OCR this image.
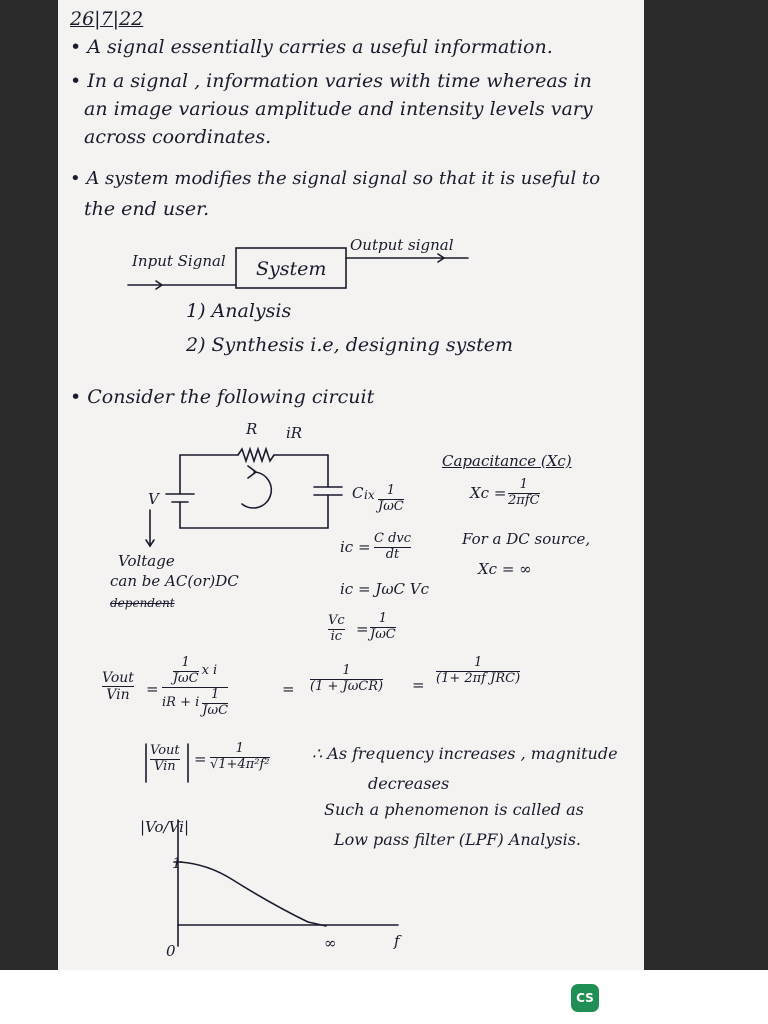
26|7|22
• A signal essentially carries a useful information.
• In a signal , information varies with time whereas in
an image various amplitude and intensity levels vary
across coordinates.
• A system modifies the signal signal so that it is useful to
the end user.
Input Signal System
Output signal
1) Analysis
2) Synthesis i.e, designing system
• Consider the following circuit
R iR
V	C ix 1
JωC
Voltage
can be AC(or)DC
dependent
Capacitance (Xc)
Xc = 1
2πfC
For a DC source,
Xc = ∞
ic = C dvc
dt
ic = JωC Vc
Vc
ic =
1
JωC
Vout
Vin =
1
JωC
x i
iR + i
1
JωC
=
1
(1 + JωCR) =
1
(1+ 2πf JRC)
Vout
Vin =
1
√1+4π²f²
∴ As frequency increases , magnitude
decreases
Such a phenomenon is called as
Low pass filter (LPF) Analysis.
|Vo/Vi|
1
0	∞	f
CS
